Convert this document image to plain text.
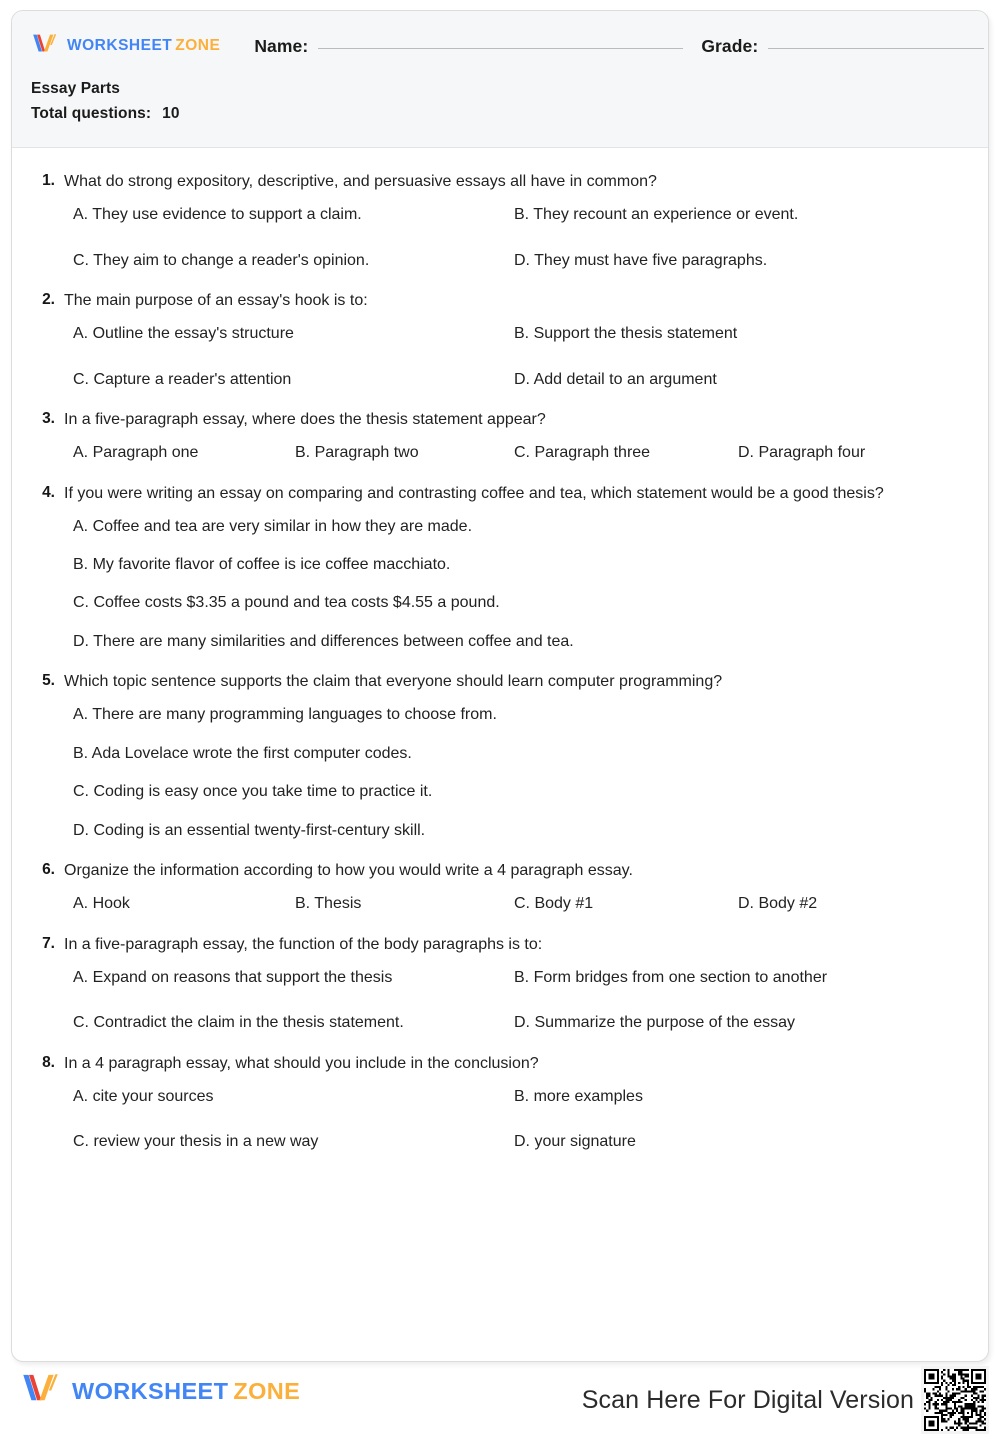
WORKSHEET ZONE Name:	Grade:
Essay Parts
Total questions: 10
1. What do strong expository, descriptive, and persuasive essays all have in common?
A. They use evidence to support a claim.	B. They recount an experience or event.
C. They aim to change a reader's opinion.	D. They must have five paragraphs.
2. The main purpose of an essay's hook is to:
A. Outline the essay's structure	B. Support the thesis statement
C. Capture a reader's attention	D. Add detail to an argument
3. In a five-paragraph essay, where does the thesis statement appear?
A. Paragraph one	B. Paragraph two	C. Paragraph three	D. Paragraph four
4. If you were writing an essay on comparing and contrasting coffee and tea, which statement would be a good thesis?
A. Coffee and tea are very similar in how they are made.
B. My favorite flavor of coffee is ice coffee macchiato.
C. Coffee costs $3.35 a pound and tea costs $4.55 a pound.
D. There are many similarities and differences between coffee and tea.
5. Which topic sentence supports the claim that everyone should learn computer programming?
A. There are many programming languages to choose from.
B. Ada Lovelace wrote the first computer codes.
C. Coding is easy once you take time to practice it.
D. Coding is an essential twenty-first-century skill.
6. Organize the information according to how you would write a 4 paragraph essay.
A. Hook	B. Thesis	C. Body #1	D. Body #2
7. In a five-paragraph essay, the function of the body paragraphs is to:
A. Expand on reasons that support the thesis	B. Form bridges from one section to another
C. Contradict the claim in the thesis statement.	D. Summarize the purpose of the essay
8. In a 4 paragraph essay, what should you include in the conclusion?
A. cite your sources	B. more examples
C. review your thesis in a new way	D. your signature
WORKSHEET ZONE	Scan Here For Digital Version
